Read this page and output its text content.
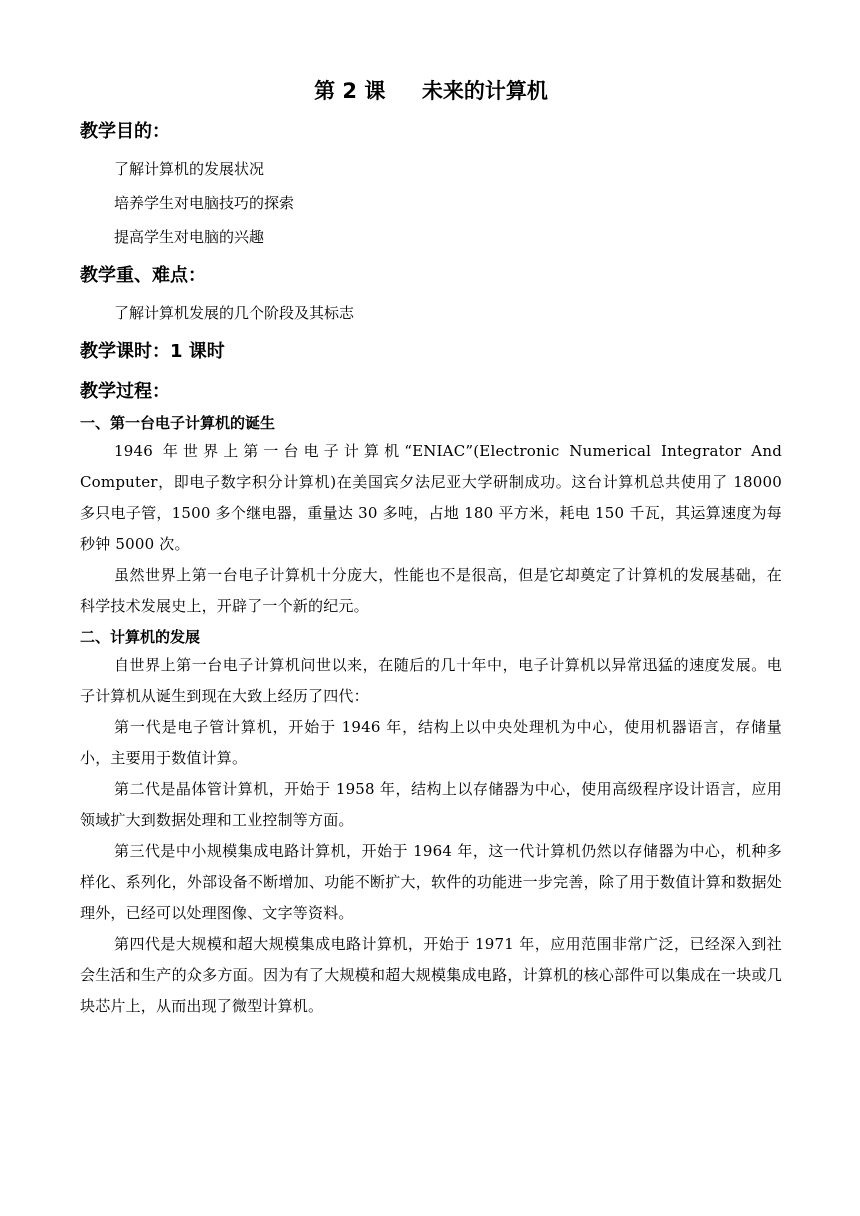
第 2 课     未来的计算机
教学目的：

了解计算机的发展状况

培养学生对电脑技巧的探索

提高学生对电脑的兴趣

教学重、难点：

了解计算机发展的几个阶段及其标志

教学课时：1 课时
教学过程：
一、第一台电子计算机的诞生

1946 年世界上第一台电子计算机“ENIAC”(Electronic Numerical Integrator And Computer，即电子数字积分计算机)在美国宾夕法尼亚大学研制成功。这台计算机总共使用了 18000 多只电子管，1500 多个继电器，重量达 30 多吨，占地 180 平方米，耗电 150 千瓦，其运算速度为每秒钟 5000 次。

虽然世界上第一台电子计算机十分庞大，性能也不是很高，但是它却奠定了计算机的发展基础，在科学技术发展史上，开辟了一个新的纪元。

二、计算机的发展

自世界上第一台电子计算机问世以来，在随后的几十年中，电子计算机以异常迅猛的速度发展。电子计算机从诞生到现在大致上经历了四代：

第一代是电子管计算机，开始于 1946 年，结构上以中央处理机为中心，使用机器语言，存储量小，主要用于数值计算。

第二代是晶体管计算机，开始于 1958 年，结构上以存储器为中心，使用高级程序设计语言，应用领域扩大到数据处理和工业控制等方面。

第三代是中小规模集成电路计算机，开始于 1964 年，这一代计算机仍然以存储器为中心，机种多样化、系列化，外部设备不断增加、功能不断扩大，软件的功能进一步完善，除了用于数值计算和数据处理外，已经可以处理图像、文字等资料。

第四代是大规模和超大规模集成电路计算机，开始于 1971 年，应用范围非常广泛，已经深入到社会生活和生产的众多方面。因为有了大规模和超大规模集成电路，计算机的核心部件可以集成在一块或几块芯片上，从而出现了微型计算机。
